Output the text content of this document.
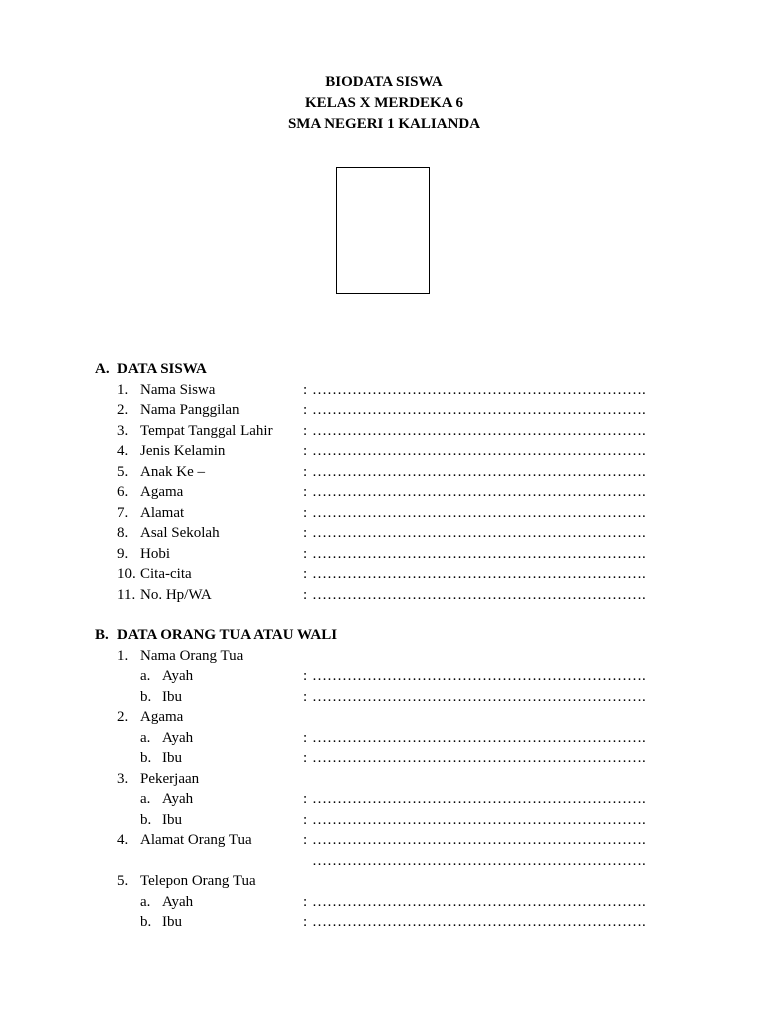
BIODATA SISWA
KELAS X MERDEKA 6
SMA NEGERI 1 KALIANDA
A. DATA SISWA
1. Nama Siswa	: ………………………………………………………….
2. Nama Panggilan	: ………………………………………………………….
3. Tempat Tanggal Lahir : ………………………………………………………….
4. Jenis Kelamin	: ………………………………………………………….
5. Anak Ke –	: ………………………………………………………….
6. Agama	: ………………………………………………………….
7. Alamat	: ………………………………………………………….
8. Asal Sekolah	: ………………………………………………………….
9. Hobi	: ………………………………………………………….
10. Cita-cita	: ………………………………………………………….
11. No. Hp/WA	: ………………………………………………………….
B. DATA ORANG TUA ATAU WALI
1. Nama Orang Tua
a. Ayah	: ………………………………………………………….
b. Ibu	: ………………………………………………………….
2. Agama
a. Ayah	: ………………………………………………………….
b. Ibu	: ………………………………………………………….
3. Pekerjaan
a. Ayah	: ………………………………………………………….
b. Ibu	: ………………………………………………………….
4. Alamat Orang Tua	: ………………………………………………………….
………………………………………………………….
5. Telepon Orang Tua
a. Ayah	: ………………………………………………………….
b. Ibu	: ………………………………………………………….
